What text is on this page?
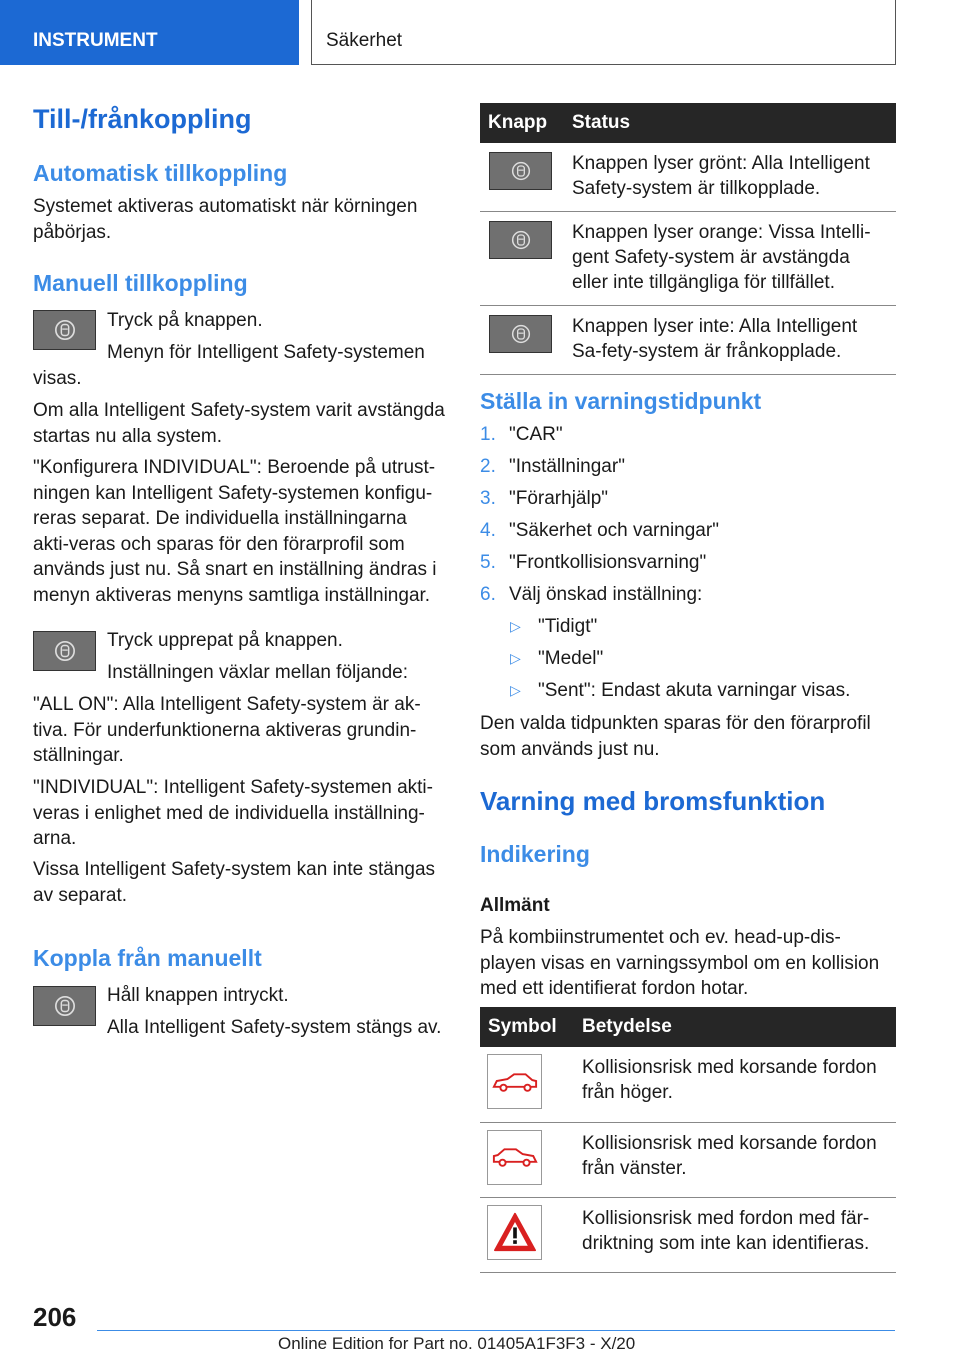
INSTRUMENT	Säkerhet
Till-/frånkoppling
Automatisk tillkoppling
Systemet aktiveras automatiskt när körningen påbörjas.
Manuell tillkoppling
Tryck på knappen.
Menyn för Intelligent Safety-systemen visas.
Om alla Intelligent Safety-system varit avstängda startas nu alla system.
"Konfigurera INDIVIDUAL": Beroende på utrust-ningen kan Intelligent Safety-systemen konfigu-reras separat. De individuella inställningarna akti-veras och sparas för den förarprofil som används just nu. Så snart en inställning ändras i menyn aktiveras menyns samtliga inställningar.
Tryck upprepat på knappen.
Inställningen växlar mellan följande:
"ALL ON": Alla Intelligent Safety-system är ak-tiva. För underfunktionerna aktiveras grundin-ställningar.
"INDIVIDUAL": Intelligent Safety-systemen akti-veras i enlighet med de individuella inställning-arna.
Vissa Intelligent Safety-system kan inte stängas av separat.
Koppla från manuellt
Håll knappen intryckt.
Alla Intelligent Safety-system stängs av.
Knapp	Status

	Knappen lyser grönt: Alla Intelligent Safety-system är tillkopplade.

	Knappen lyser orange: Vissa Intelli-gent Safety-system är avstängda eller inte tillgängliga för tillfället.

	Knappen lyser inte: Alla Intelligent Sa-fety-system är frånkopplade.
Ställa in varningstidpunkt
1. "CAR"
2. "Inställningar"
3. "Förarhjälp"
4. "Säkerhet och varningar"
5. "Frontkollisionsvarning"
6. Välj önskad inställning:
▷ "Tidigt"
▷ "Medel"
▷ "Sent": Endast akuta varningar visas.
Den valda tidpunkten sparas för den förarprofil som används just nu.
Varning med bromsfunktion
Indikering
Allmänt
På kombiinstrumentet och ev. head-up-dis-playen visas en varningssymbol om en kollision med ett identifierat fordon hotar.
Symbol	Betydelse

	Kollisionsrisk med korsande fordon från höger.

	Kollisionsrisk med korsande fordon från vänster.

	Kollisionsrisk med fordon med fär-driktning som inte kan identifieras.
206
Online Edition for Part no. 01405A1F3F3 - X/20
